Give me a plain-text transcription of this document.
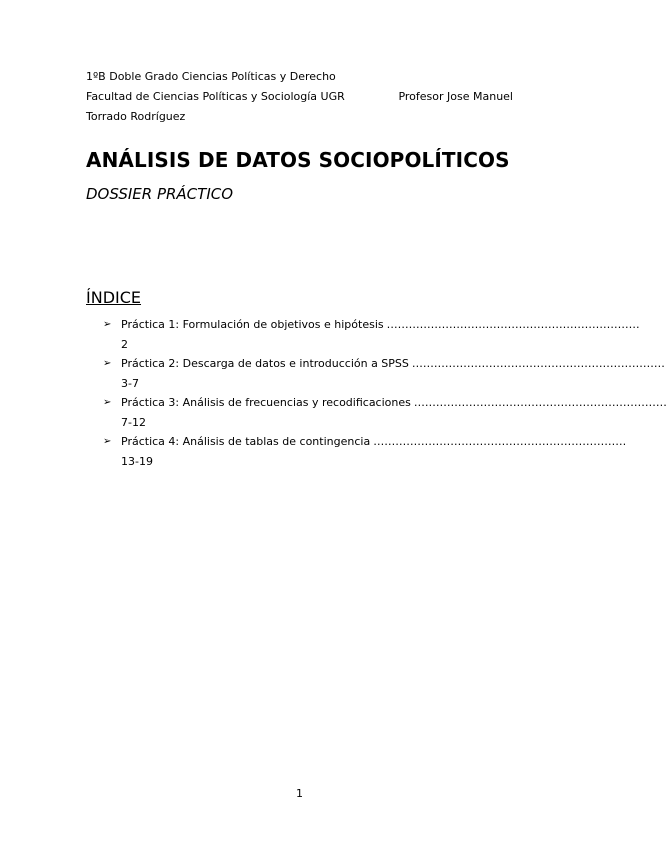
1ºB Doble Grado Ciencias Políticas y Derecho
Facultad de Ciencias Políticas y Sociología UGR	Profesor Jose Manuel
Torrado Rodríguez
ANÁLISIS DE DATOS SOCIOPOLÍTICOS
DOSSIER PRÁCTICO
ÍNDICE
➢ Práctica 1: Formulación de objetivos e hipótesis ……………………………………………………………
2
➢ Práctica 2: Descarga de datos e introducción a SPSS ……………………………………………………………
3-7
➢ Práctica 3: Análisis de frecuencias y recodificaciones ……………………………………………………………
7-12
➢ Práctica 4: Análisis de tablas de contingencia ……………………………………………………………
13-19
1
